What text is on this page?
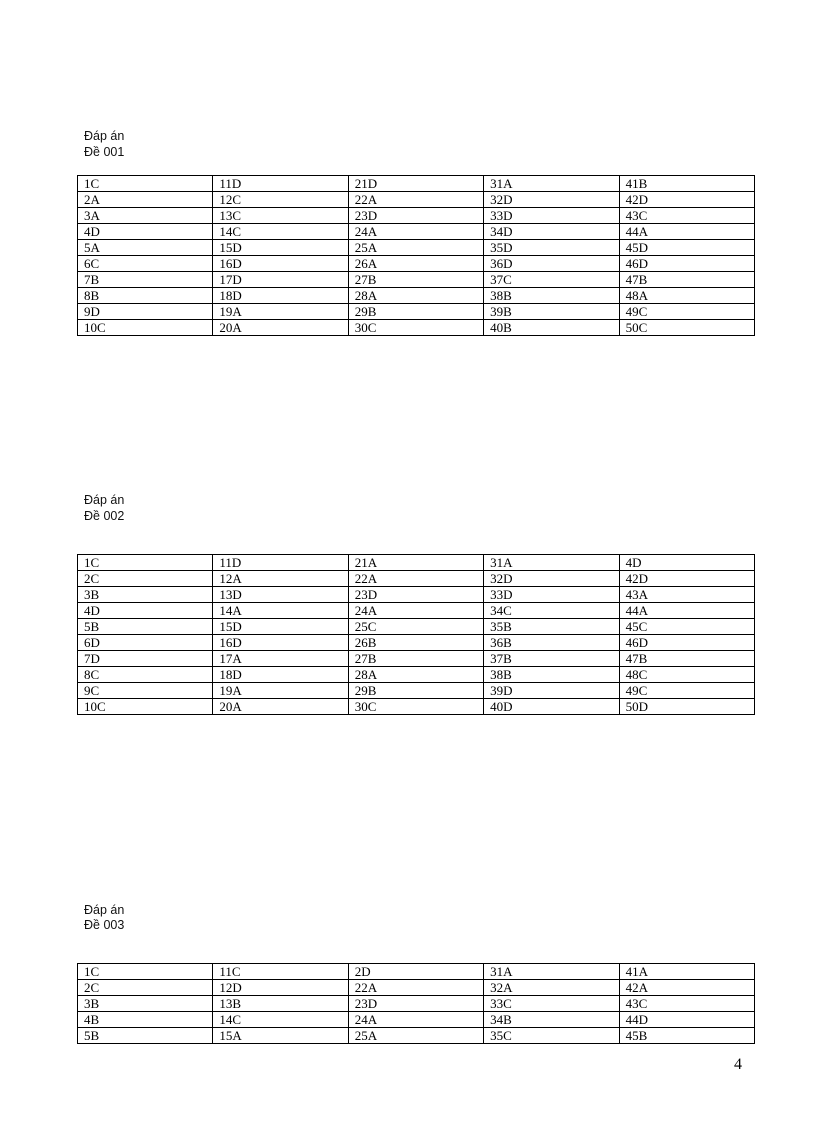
Đáp án
Đề 001
1C	11D	21D	31A	41B
2A	12C	22A	32D	42D
3A	13C	23D	33D	43C
4D	14C	24A	34D	44A
5A	15D	25A	35D	45D
6C	16D	26A	36D	46D
7B	17D	27B	37C	47B
8B	18D	28A	38B	48A
9D	19A	29B	39B	49C
10C	20A	30C	40B	50C
Đáp án
Đề 002
1C	11D	21A	31A	4D
2C	12A	22A	32D	42D
3B	13D	23D	33D	43A
4D	14A	24A	34C	44A
5B	15D	25C	35B	45C
6D	16D	26B	36B	46D
7D	17A	27B	37B	47B
8C	18D	28A	38B	48C
9C	19A	29B	39D	49C
10C	20A	30C	40D	50D
Đáp án
Đề 003
1C	11C	2D	31A	41A
2C	12D	22A	32A	42A
3B	13B	23D	33C	43C
4B	14C	24A	34B	44D
5B	15A	25A	35C	45B
4
